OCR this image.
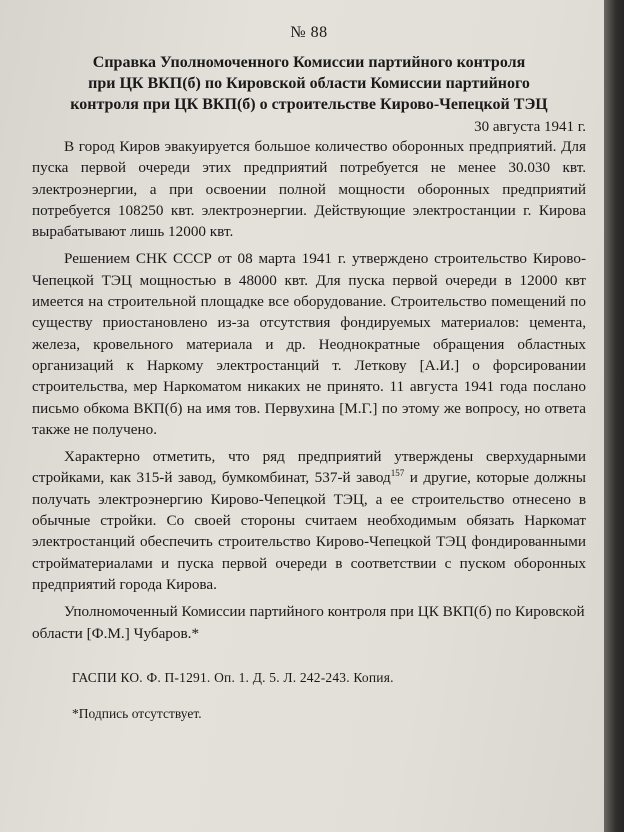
№ 88

Справка Уполномоченного Комиссии партийного контроля

при ЦК ВКП(б) по Кировской области Комиссии партийного

контроля при ЦК ВКП(б) о строительстве Кирово-Чепецкой ТЭЦ

30 августа 1941 г.

В город Киров эвакуируется большое количество оборонных предприятий. Для пуска первой очереди этих предприятий потребуется не менее 30.030 квт. электроэнергии, а при освоении полной мощности оборонных предприятий потребуется 108250 квт. электроэнергии. Действующие электростанции г. Кирова вырабатывают лишь 12000 квт.

Решением СНК СССР от 08 марта 1941 г. утверждено строительство Кирово-Чепецкой ТЭЦ мощностью в 48000 квт. Для пуска первой очереди в 12000 квт имеется на строительной площадке все оборудование. Строительство помещений по существу приостановлено из-за отсутствия фондируемых материалов: цемента, железа, кровельного материала и др. Неоднократные обращения областных организаций к Наркому электростанций т. Леткову [А.И.] о форсировании строительства, мер Наркоматом никаких не принято. 11 августа 1941 года послано письмо обкома ВКП(б) на имя тов. Первухина [М.Г.] по этому же вопросу, но ответа также не получено.

Характерно отметить, что ряд предприятий утверждены сверхударными стройками, как 315-й завод, бумкомбинат, 537-й завод$^{157}$ и другие, которые должны получать электроэнергию Кирово-Чепецкой ТЭЦ, а ее строительство отнесено в обычные стройки. Со своей стороны считаем необходимым обязать Наркомат электростанций обеспечить строительство Кирово-Чепецкой ТЭЦ фондированными стройматериалами и пуска первой очереди в соответствии с пуском оборонных предприятий города Кирова.

Уполномоченный Комиссии партийного контроля при ЦК ВКП(б) по Кировской области [Ф.М.] Чубаров.*

ГАСПИ КО. Ф. П-1291. Оп. 1. Д. 5. Л. 242-243. Копия.

*Подпись отсутствует.
